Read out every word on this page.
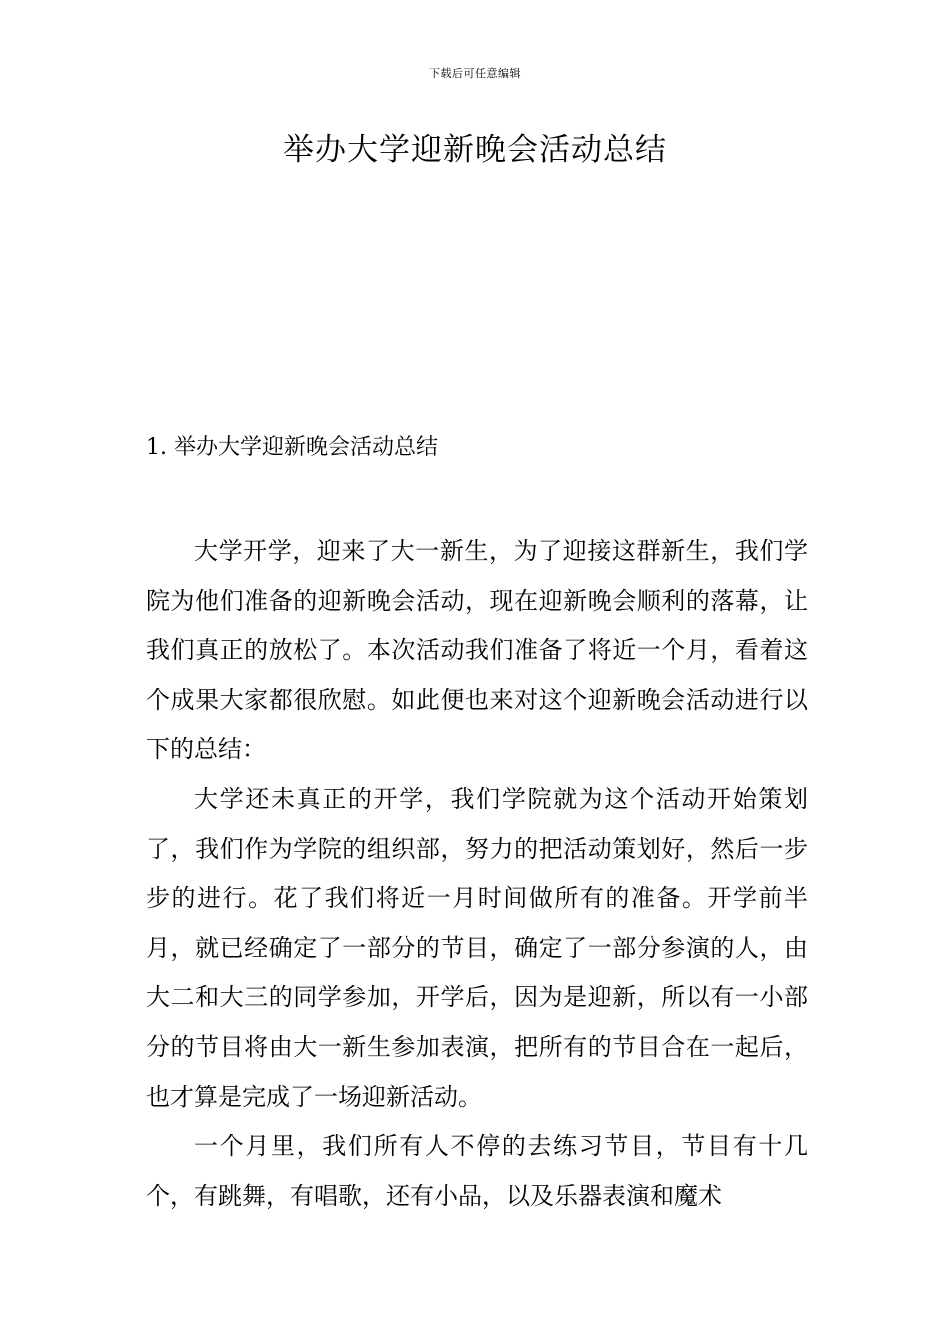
下载后可任意编辑
举办大学迎新晚会活动总结
1. 举办大学迎新晚会活动总结

大学开学，迎来了大一新生，为了迎接这群新生，我们学院为他们准备的迎新晚会活动，现在迎新晚会顺利的落幕，让我们真正的放松了。本次活动我们准备了将近一个月，看着这个成果大家都很欣慰。如此便也来对这个迎新晚会活动进行以下的总结：

大学还未真正的开学，我们学院就为这个活动开始策划了，我们作为学院的组织部，努力的把活动策划好，然后一步步的进行。花了我们将近一月时间做所有的准备。开学前半月，就已经确定了一部分的节目，确定了一部分参演的人，由大二和大三的同学参加，开学后，因为是迎新，所以有一小部分的节目将由大一新生参加表演，把所有的节目合在一起后，也才算是完成了一场迎新活动。

一个月里，我们所有人不停的去练习节目，节目有十几个，有跳舞，有唱歌，还有小品，以及乐器表演和魔术
